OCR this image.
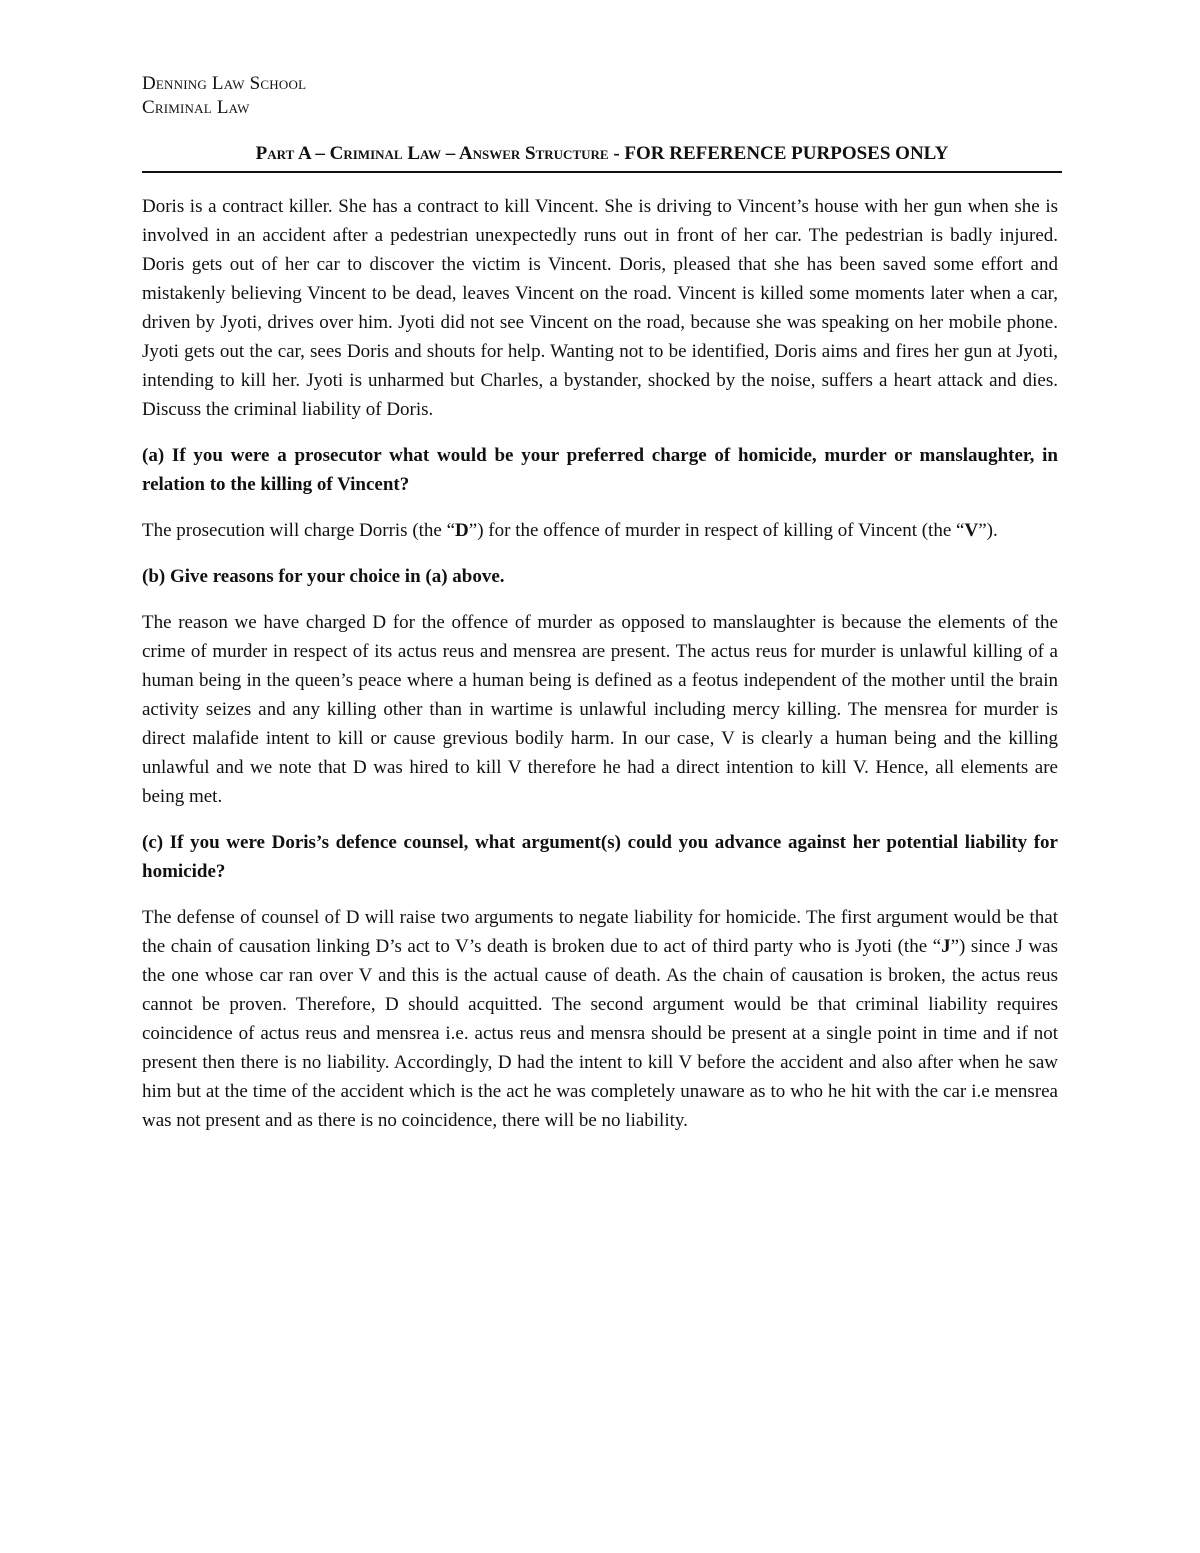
Denning Law School
Criminal Law
Part A – Criminal Law – Answer Structure - FOR REFERENCE PURPOSES ONLY

Doris is a contract killer. She has a contract to kill Vincent. She is driving to Vincent’s house with her gun when she is involved in an accident after a pedestrian unexpectedly runs out in front of her car. The pedestrian is badly injured. Doris gets out of her car to discover the victim is Vincent. Doris, pleased that she has been saved some effort and mistakenly believing Vincent to be dead, leaves Vincent on the road. Vincent is killed some moments later when a car, driven by Jyoti, drives over him. Jyoti did not see Vincent on the road, because she was speaking on her mobile phone. Jyoti gets out the car, sees Doris and shouts for help. Wanting not to be identified, Doris aims and fires her gun at Jyoti, intending to kill her. Jyoti is unharmed but Charles, a bystander, shocked by the noise, suffers a heart attack and dies. Discuss the criminal liability of Doris.

(a) If you were a prosecutor what would be your preferred charge of homicide, murder or manslaughter, in relation to the killing of Vincent?

The prosecution will charge Dorris (the “D”) for the offence of murder in respect of killing of Vincent (the “V”).

(b) Give reasons for your choice in (a) above.

The reason we have charged D for the offence of murder as opposed to manslaughter is because the elements of the crime of murder in respect of its actus reus and mensrea are present. The actus reus for murder is unlawful killing of a human being in the queen’s peace where a human being is defined as a feotus independent of the mother until the brain activity seizes and any killing other than in wartime is unlawful including mercy killing. The mensrea for murder is direct malafide intent to kill or cause grevious bodily harm. In our case, V is clearly a human being and the killing unlawful and we note that D was hired to kill V therefore he had a direct intention to kill V. Hence, all elements are being met.

(c) If you were Doris’s defence counsel, what argument(s) could you advance against her potential liability for homicide?

The defense of counsel of D will raise two arguments to negate liability for homicide. The first argument would be that the chain of causation linking D’s act to V’s death is broken due to act of third party who is Jyoti (the “J”) since J was the one whose car ran over V and this is the actual cause of death. As the chain of causation is broken, the actus reus cannot be proven. Therefore, D should acquitted. The second argument would be that criminal liability requires coincidence of actus reus and mensrea i.e. actus reus and mensra should be present at a single point in time and if not present then there is no liability. Accordingly, D had the intent to kill V before the accident and also after when he saw him but at the time of the accident which is the act he was completely unaware as to who he hit with the car i.e mensrea was not present and as there is no coincidence, there will be no liability.
